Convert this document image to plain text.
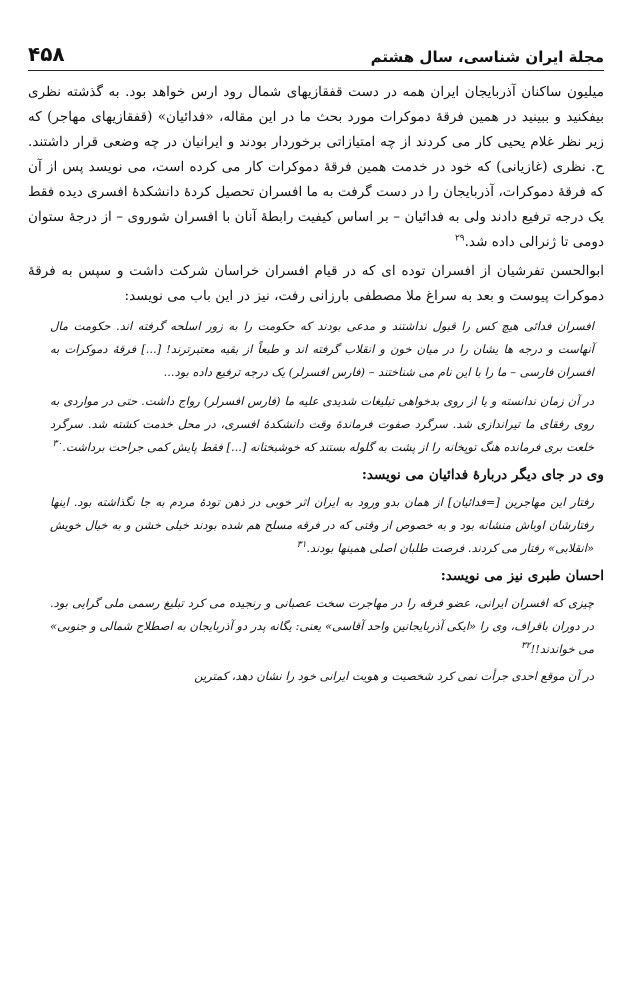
مجلة ایران شناسی، سال هشتم
۴۵۸

میلیون ساکنان آذربایجان ایران همه در دست قفقازیهای شمال رود ارس خواهد بود. به گذشته نظری بیفکنید و ببینید در همین فرقهٔ دموکرات مورد بحث ما در این مقاله، «فدائیان» (قفقازیهای مهاجر) که زیر نظر غلام یحیی کار می کردند از چه امتیازاتی برخوردار بودند و ایرانیان در چه وضعی قرار داشتند. ح. نظری (غازیانی) که خود در خدمت همین فرقهٔ دموکرات کار می کرده است، می نویسد پس از آن که فرقهٔ دموکرات، آذربایجان را در دست گرفت به ما افسران تحصیل کردهٔ دانشکدهٔ افسری دیده فقط یک درجه ترفیع دادند ولی به فدائیان – بر اساس کیفیت رابطهٔ آنان با افسران شوروی – از درجهٔ ستوان دومی تا ژنرالی داده شد.$^{۲۹}$

ابوالحسن تفرشیان از افسران توده ای که در قیام افسران خراسان شرکت داشت و سپس به فرقهٔ دموکرات پیوست و بعد به سراغ ملا مصطفی بارزانی رفت، نیز در این باب می نویسد:

افسران فدائی هیچ کس را قبول نداشتند و مدعی بودند که حکومت را به زور اسلحه گرفته اند. حکومت مال آنهاست و درجه ها یشان را در میان خون و انقلاب گرفته اند و طبعاً از بقیه معتبرترند! [...] فرقهٔ دموکرات به افسران فارسی – ما را با این نام می شناختند – (فارس افسرلر) یک درجه ترفیع داده بود...

در آن زمان ندانسته و یا از روی بدخواهی تبلیغات شدیدی علیه ما (فارس افسرلر) رواج داشت. حتی در مواردی به روی رفقای ما تیراندازی شد. سرگرد صفوت فرماندهٔ وقت دانشکدهٔ افسری، در محل خدمت کشته شد. سرگرد خلعت بری فرمانده هنگ توپخانه را از پشت به گلوله بستند که خوشبختانه [...] فقط پایش کمی جراحت برداشت.$^{۳۰}$

وی در جای دیگر دربارهٔ فدائیان می نویسد:

رفتار این مهاجرین [=فدائیان] از همان بدو ورود به ایران اثر خوبی در ذهن تودهٔ مردم به جا نگذاشته بود. اینها رفتارشان اوباش منشانه بود و به خصوص از وقتی که در فرقه مسلح هم شده بودند خیلی خشن و به خیال خویش «انقلابی» رفتار می کردند. فرصت طلبان اصلی همینها بودند.$^{۳۱}$

احسان طبری نیز می نویسد:

چیزی که افسران ایرانی، عضو فرقه را در مهاجرت سخت عصبانی و رنجیده می کرد تبلیغ رسمی ملی گرایی بود. در دوران باقراف، وی را «ایکی آذربایجانین واحد آقاسی» یعنی: یگانه پدر دو آذربایجان به اصطلاح شمالی و جنوبی» می خواندند!!$^{۳۲}$

در آن موقع احدی جرأت نمی کرد شخصیت و هویت ایرانی خود را نشان دهد، کمترین
